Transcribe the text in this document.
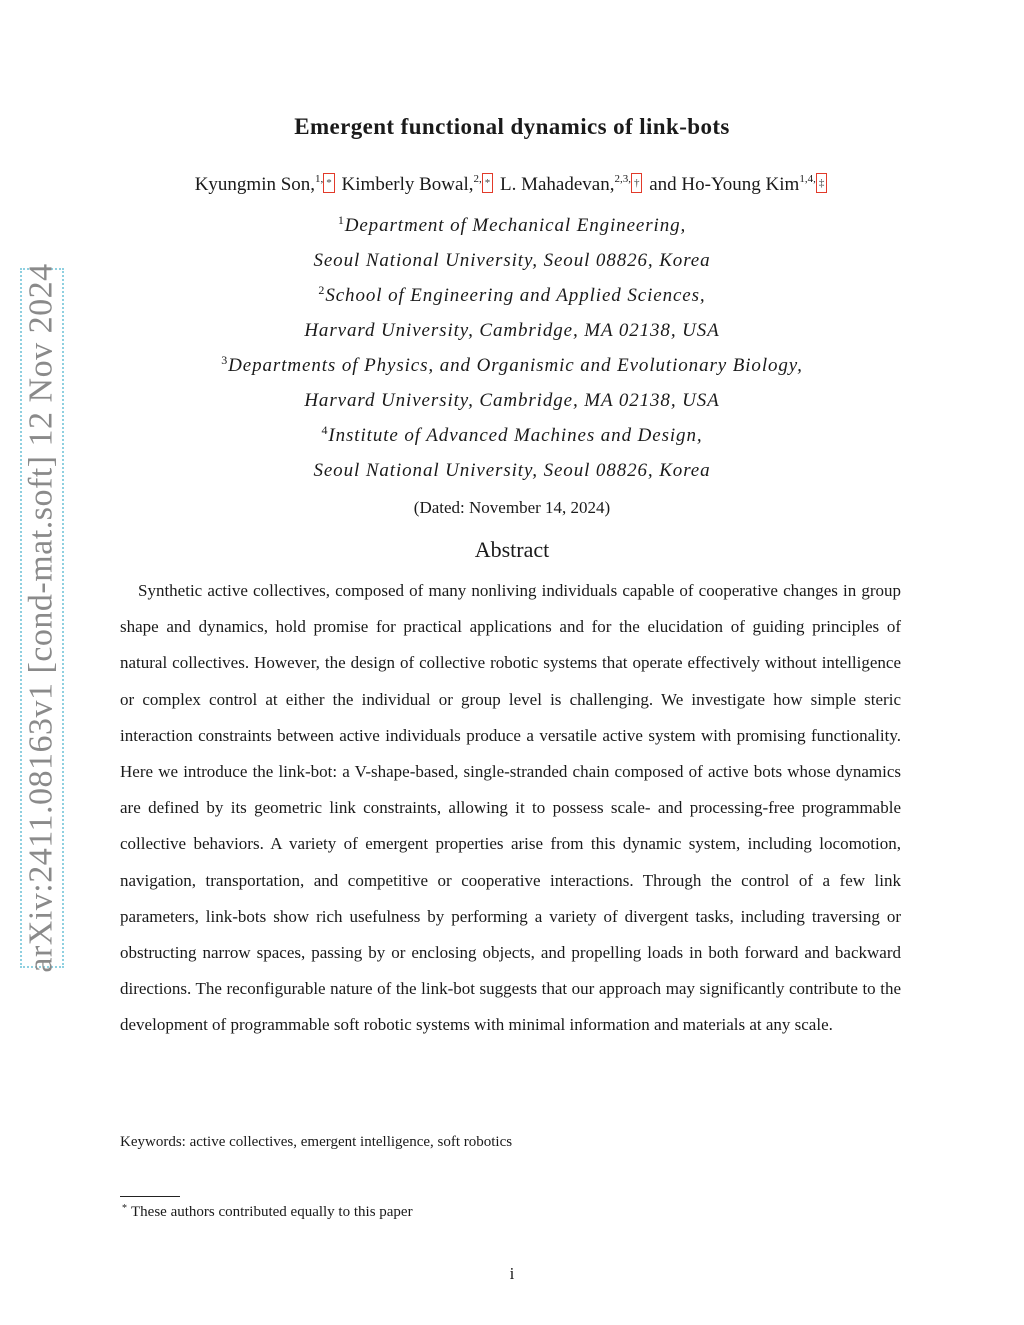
arXiv:2411.08163v1 [cond-mat.soft] 12 Nov 2024
Emergent functional dynamics of link-bots
Kyungmin Son,$^{1,}$ * Kimberly Bowal,$^{2,}$ * L. Mahadevan,$^{2,3,}$ † and Ho-Young Kim$^{1,4,}$ ‡
$^1$Department of Mechanical Engineering,
Seoul National University, Seoul 08826, Korea
$^2$School of Engineering and Applied Sciences,
Harvard University, Cambridge, MA 02138, USA
$^3$Departments of Physics, and Organismic and Evolutionary Biology,
Harvard University, Cambridge, MA 02138, USA
$^4$Institute of Advanced Machines and Design,
Seoul National University, Seoul 08826, Korea
(Dated: November 14, 2024)
Abstract

Synthetic active collectives, composed of many nonliving individuals capable of cooperative changes in group shape and dynamics, hold promise for practical applications and for the elucidation of guiding principles of natural collectives. However, the design of collective robotic systems that operate effectively without intelligence or complex control at either the individual or group level is challenging. We investigate how simple steric interaction constraints between active individuals produce a versatile active system with promising functionality. Here we introduce the link-bot: a V-shape-based, single-stranded chain composed of active bots whose dynamics are defined by its geometric link constraints, allowing it to possess scale- and processing-free programmable collective behaviors. A variety of emergent properties arise from this dynamic system, including locomotion, navigation, transportation, and competitive or cooperative interactions. Through the control of a few link parameters, link-bots show rich usefulness by performing a variety of divergent tasks, including traversing or obstructing narrow spaces, passing by or enclosing objects, and propelling loads in both forward and backward directions. The reconfigurable nature of the link-bot suggests that our approach may significantly contribute to the development of programmable soft robotic systems with minimal information and materials at any scale.

Keywords: active collectives, emergent intelligence, soft robotics
* These authors contributed equally to this paper
i
